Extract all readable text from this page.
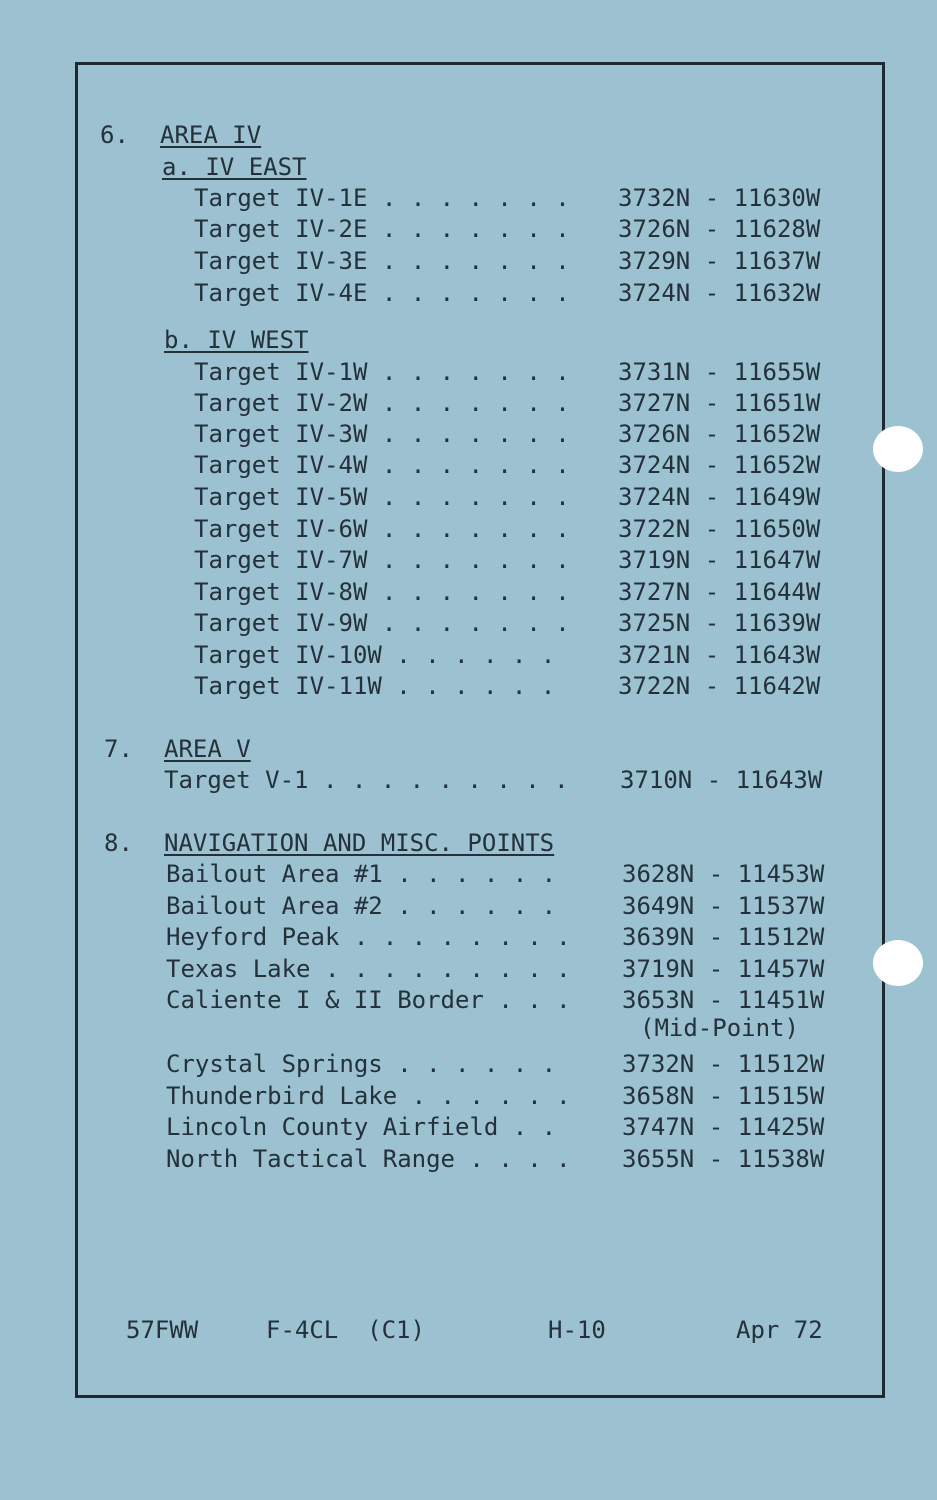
6. AREA IV
a. IV EAST
Target IV-1E . . . . . . . 3732N - 11630W
Target IV-2E . . . . . . . 3726N - 11628W
Target IV-3E . . . . . . . 3729N - 11637W
Target IV-4E . . . . . . . 3724N - 11632W
b. IV WEST
Target IV-1W . . . . . . . 3731N - 11655W
Target IV-2W . . . . . . . 3727N - 11651W
Target IV-3W . . . . . . . 3726N - 11652W
Target IV-4W . . . . . . . 3724N - 11652W
Target IV-5W . . . . . . . 3724N - 11649W
Target IV-6W . . . . . . . 3722N - 11650W
Target IV-7W . . . . . . . 3719N - 11647W
Target IV-8W . . . . . . . 3727N - 11644W
Target IV-9W . . . . . . . 3725N - 11639W
Target IV-10W . . . . . .	3721N - 11643W
Target IV-11W . . . . . .	3722N - 11642W
7. AREA V
Target V-1 . . . . . . . . . 3710N - 11643W
8. NAVIGATION AND MISC. POINTS
Bailout Area #1 . . . . . .	3628N - 11453W
Bailout Area #2 . . . . . .	3649N - 11537W
Heyford Peak . . . . . . . . 3639N - 11512W
Texas Lake . . . . . . . . . 3719N - 11457W
Caliente I & II Border . . . 3653N - 11451W
(Mid-Point)
Crystal Springs . . . . . .	3732N - 11512W
Thunderbird Lake . . . . . . 3658N - 11515W
Lincoln County Airfield . .	3747N - 11425W
North Tactical Range . . . . 3655N - 11538W
57FWW	F-4CL  (C1)	H-10	Apr 72
